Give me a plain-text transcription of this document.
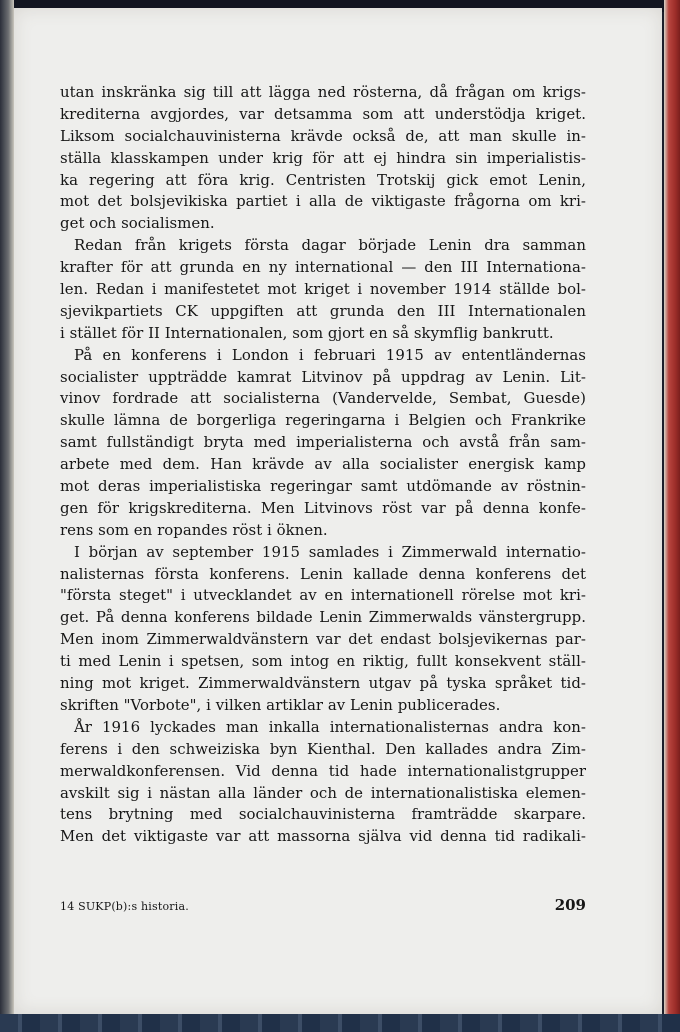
utan inskränka sig till att lägga ned rösterna, då frågan om krigs-
krediterna avgjordes, var detsamma som att understödja kriget.
Liksom socialchauvinisterna krävde också de, att man skulle in-
ställa klasskampen under krig för att ej hindra sin imperialistis-
ka regering att föra krig. Centristen Trotskij gick emot Lenin,
mot det bolsjevikiska partiet i alla de viktigaste frågorna om kri-
get och socialismen.
Redan från krigets första dagar började Lenin dra samman
krafter för att grunda en ny international — den III Internationa-
len. Redan i manifestetet mot kriget i november 1914 ställde bol-
sjevikpartiets CK uppgiften att grunda den III Internationalen
i stället för II Internationalen, som gjort en så skymflig bankrutt.
På en konferens i London i februari 1915 av ententländernas
socialister uppträdde kamrat Litvinov på uppdrag av Lenin. Lit-
vinov fordrade att socialisterna (Vandervelde, Sembat, Guesde)
skulle lämna de borgerliga regeringarna i Belgien och Frankrike
samt fullständigt bryta med imperialisterna och avstå från sam-
arbete med dem. Han krävde av alla socialister energisk kamp
mot deras imperialistiska regeringar samt utdömande av röstnin-
gen för krigskrediterna. Men Litvinovs röst var på denna konfe-
rens som en ropandes röst i öknen.
I början av september 1915 samlades i Zimmerwald internatio-
nalisternas första konferens. Lenin kallade denna konferens det
"första steget" i utvecklandet av en internationell rörelse mot kri-
get. På denna konferens bildade Lenin Zimmerwalds vänstergrupp.
Men inom Zimmerwaldvänstern var det endast bolsjevikernas par-
ti med Lenin i spetsen, som intog en riktig, fullt konsekvent ställ-
ning mot kriget. Zimmerwaldvänstern utgav på tyska språket tid-
skriften "Vorbote", i vilken artiklar av Lenin publicerades.
År 1916 lyckades man inkalla internationalisternas andra kon-
ferens i den schweiziska byn Kienthal. Den kallades andra Zim-
merwaldkonferensen. Vid denna tid hade internationalistgrupper
avskilt sig i nästan alla länder och de internationalistiska elemen-
tens brytning med socialchauvinisterna framträdde skarpare.
Men det viktigaste var att massorna själva vid denna tid radikali-
14 SUKP(b):s historia.	209
